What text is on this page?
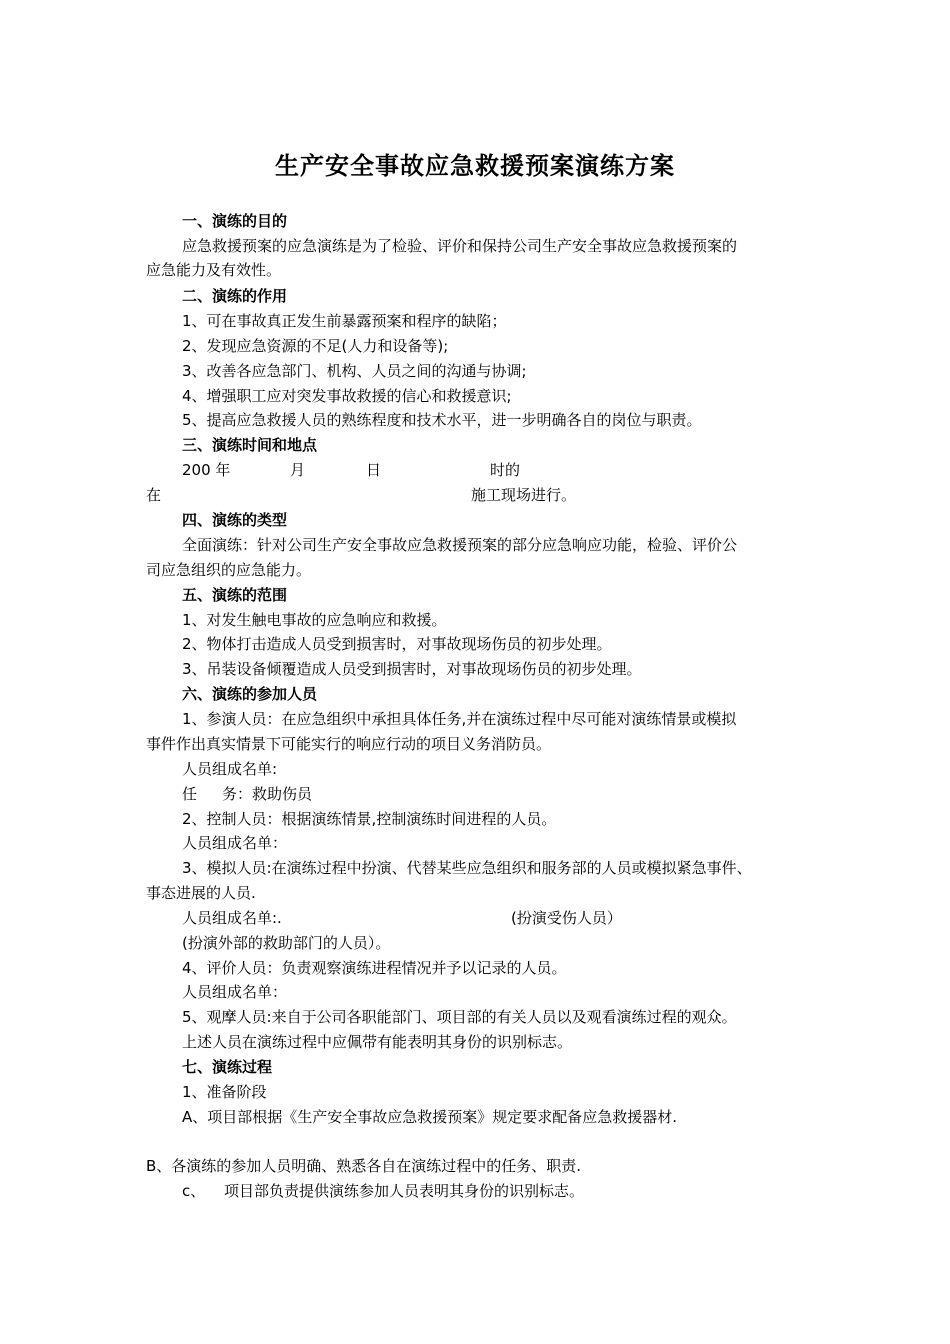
生产安全事故应急救援预案演练方案

一、演练的目的

应急救援预案的应急演练是为了检验、评价和保持公司生产安全事故应急救援预案的

应急能力及有效性。

二、演练的作用

1、可在事故真正发生前暴露预案和程序的缺陷；

2、发现应急资源的不足(人力和设备等);

3、改善各应急部门、机构、人员之间的沟通与协调;

4、增强职工应对突发事故救援的信心和救援意识;

5、提高应急救援人员的熟练程度和技术水平，进一步明确各自的岗位与职责。

三、演练时间和地点

200 年	月	日	时的
在	施工现场进行。

四、演练的类型

全面演练：针对公司生产安全事故应急救援预案的部分应急响应功能，检验、评价公

司应急组织的应急能力。

五、演练的范围

1、对发生触电事故的应急响应和救援。

2、物体打击造成人员受到损害时，对事故现场伤员的初步处理。

3、吊装设备倾覆造成人员受到损害时，对事故现场伤员的初步处理。

六、演练的参加人员

1、参演人员：在应急组织中承担具体任务,并在演练过程中尽可能对演练情景或模拟

事件作出真实情景下可能实行的响应行动的项目义务消防员。

人员组成名单:

任 务：救助伤员

2、控制人员：根据演练情景,控制演练时间进程的人员。

人员组成名单：

3、模拟人员:在演练过程中扮演、代替某些应急组织和服务部的人员或模拟紧急事件、

事态进展的人员.

人员组成名单:.	(扮演受伤人员）

(扮演外部的救助部门的人员）。

4、评价人员：负责观察演练进程情况并予以记录的人员。

人员组成名单：

5、观摩人员:来自于公司各职能部门、项目部的有关人员以及观看演练过程的观众。

上述人员在演练过程中应佩带有能表明其身份的识别标志。

七、演练过程

1、准备阶段

A、项目部根据《生产安全事故应急救援预案》规定要求配备应急救援器材.

B、各演练的参加人员明确、熟悉各自在演练过程中的任务、职责.

c、 项目部负责提供演练参加人员表明其身份的识别标志。
